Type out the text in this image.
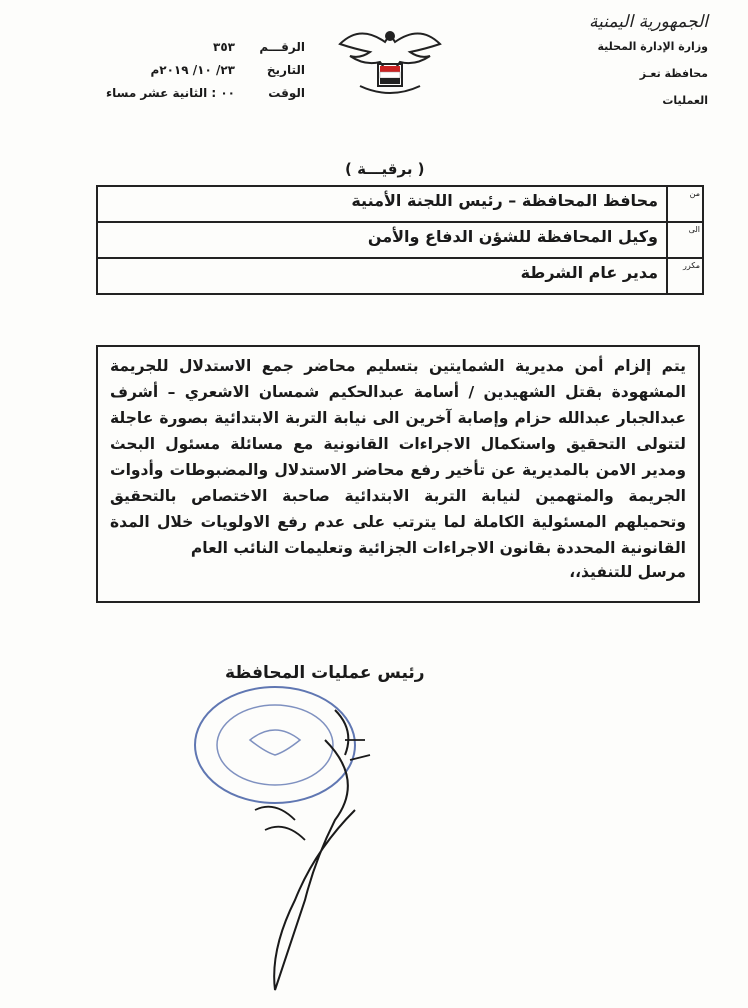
الجمهورية اليمنية
وزارة الإدارة المحلية
محافظة تعـز
العمليات
الرقـــم
٣٥٣
التاريخ
٢٣/ ١٠/ ٢٠١٩م
الوقت
٠٠ : الثانية عشر مساء
( برقيـــة )
من
محافظ المحافظة – رئيس اللجنة الأمنية
الى
وكيل المحافظة للشؤن الدفاع والأمن
مكرر
مدير عام الشرطة
يتم إلزام أمن مديرية الشمايتين بتسليم محاضر جمع الاستدلال للجريمة المشهودة بقتل الشهيدين / أسامة عبدالحكيم شمسان الاشعري – أشرف عبدالجبار عبدالله حزام وإصابة آخرين الى نيابة التربة الابتدائية بصورة عاجلة لتتولى التحقيق واستكمال الاجراءات القانونية مع مسائلة مسئول البحث ومدير الامن بالمديرية عن تأخير رفع محاضر الاستدلال والمضبوطات وأدوات الجريمة والمتهمين لنيابة التربة الابتدائية صاحبة الاختصاص بالتحقيق وتحميلهم المسئولية الكاملة لما يترتب على عدم رفع الاولويات خلال المدة القانونية المحددة بقانون الاجراءات الجزائية وتعليمات النائب العام
مرسل للتنفيذ،،
رئيس عمليات المحافظة
